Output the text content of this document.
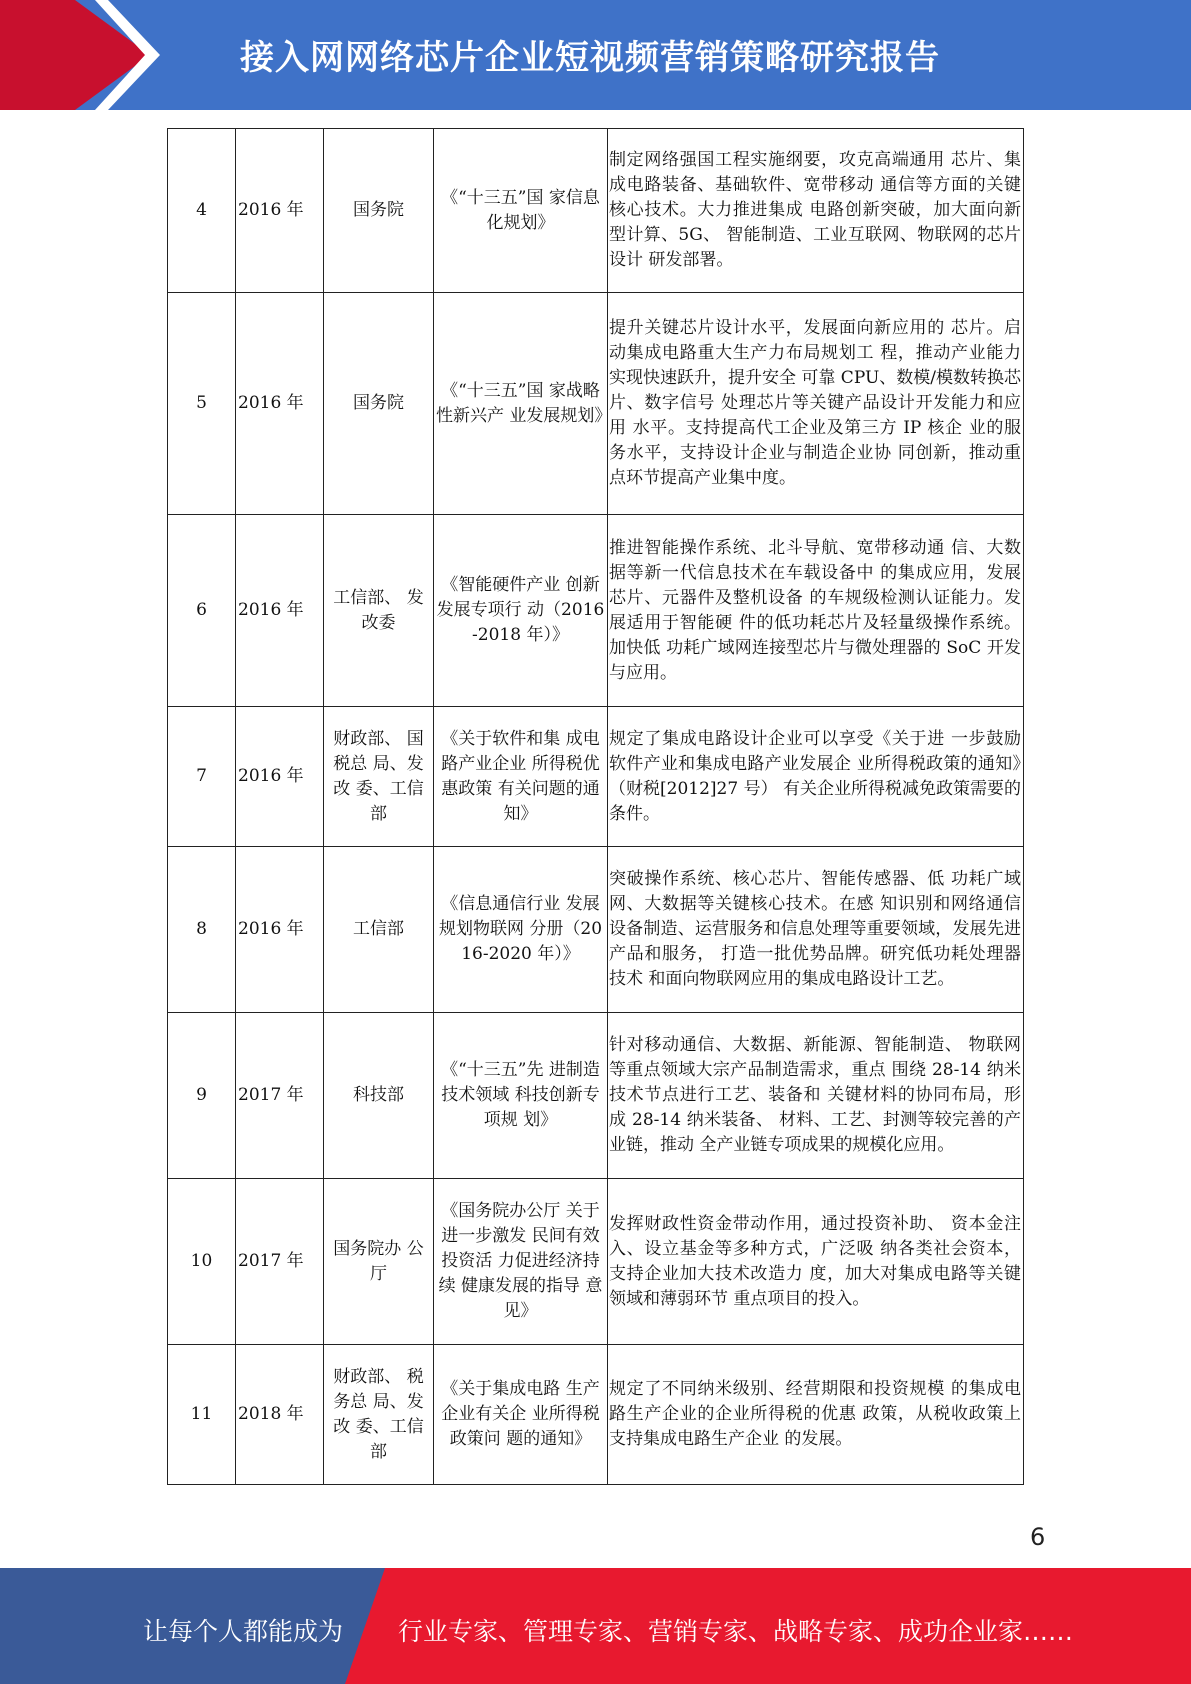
接入网网络芯片企业短视频营销策略研究报告
4	2016 年	国务院	《“十三五”国 家信息化规划》	制定网络强国工程实施纲要，攻克高端通用 芯片、集成电路装备、基础软件、宽带移动 通信等方面的关键核心技术。大力推进集成 电路创新突破，加大面向新型计算、5G、 智能制造、工业互联网、物联网的芯片设计 研发部署。
5	2016 年	国务院	《“十三五”国 家战略性新兴产 业发展规划》	提升关键芯片设计水平，发展面向新应用的 芯片。启动集成电路重大生产力布局规划工 程，推动产业能力实现快速跃升，提升安全 可靠 CPU、数模/模数转换芯片、数字信号 处理芯片等关键产品设计开发能力和应用 水平。支持提高代工企业及第三方 IP 核企 业的服务水平，支持设计企业与制造企业协 同创新，推动重点环节提高产业集中度。
6	2016 年	工信部、 发改委	《智能硬件产业 创新发展专项行 动（2016-2018 年）》	推进智能操作系统、北斗导航、宽带移动通 信、大数据等新一代信息技术在车载设备中 的集成应用，发展芯片、元器件及整机设备 的车规级检测认证能力。发展适用于智能硬 件的低功耗芯片及轻量级操作系统。加快低 功耗广域网连接型芯片与微处理器的 SoC 开发与应用。
7	2016 年	财政部、 国税总 局、发改 委、工信 部	《关于软件和集 成电路产业企业 所得税优惠政策 有关问题的通 知》	规定了集成电路设计企业可以享受《关于进 一步鼓励软件产业和集成电路产业发展企 业所得税政策的通知》（财税[2012]27 号） 有关企业所得税减免政策需要的条件。
8	2016 年	工信部	《信息通信行业 发展规划物联网 分册（2016-2020 年）》	突破操作系统、核心芯片、智能传感器、低 功耗广域网、大数据等关键核心技术。在感 知识别和网络通信设备制造、运营服务和信息处理等重要领域，发展先进产品和服务， 打造一批优势品牌。研究低功耗处理器技术 和面向物联网应用的集成电路设计工艺。
9	2017 年	科技部	《“十三五”先 进制造技术领域 科技创新专项规 划》	针对移动通信、大数据、新能源、智能制造、 物联网等重点领域大宗产品制造需求，重点 围绕 28-14 纳米技术节点进行工艺、装备和 关键材料的协同布局，形成 28-14 纳米装备、 材料、工艺、封测等较完善的产业链，推动 全产业链专项成果的规模化应用。
10	2017 年	国务院办 公厅	《国务院办公厅 关于进一步激发 民间有效投资活 力促进经济持续 健康发展的指导 意见》	发挥财政性资金带动作用，通过投资补助、 资本金注入、设立基金等多种方式，广泛吸 纳各类社会资本，支持企业加大技术改造力 度，加大对集成电路等关键领域和薄弱环节 重点项目的投入。
11	2018 年	财政部、 税务总 局、发改 委、工信 部	《关于集成电路 生产企业有关企 业所得税政策问 题的通知》	规定了不同纳米级别、经营期限和投资规模 的集成电路生产企业的企业所得税的优惠 政策，从税收政策上支持集成电路生产企业 的发展。
6
让每个人都能成为 行业专家、管理专家、营销专家、战略专家、成功企业家……
